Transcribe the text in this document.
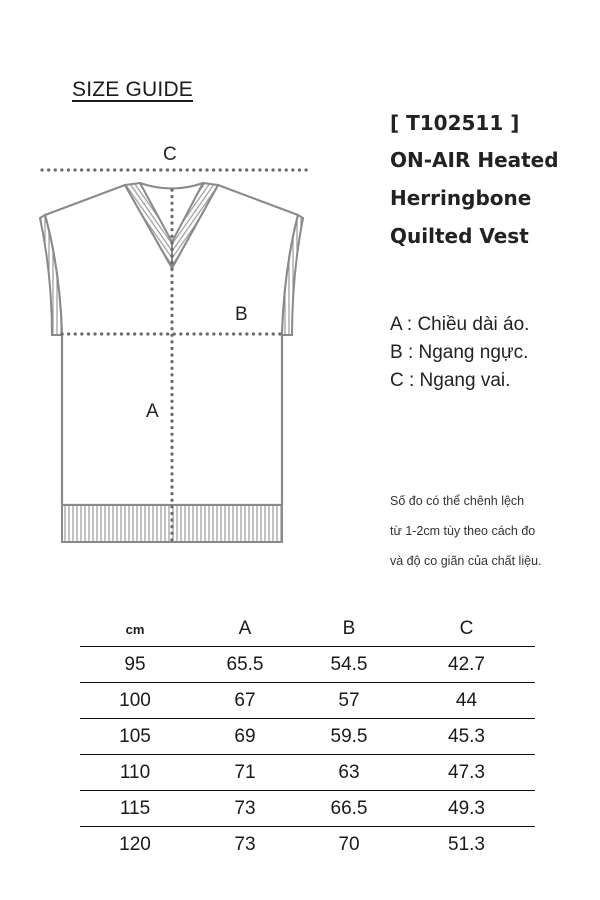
SIZE GUIDE
[ T102511 ]
ON-AIR Heated
Herringbone
Quilted Vest
C
B
A
A : Chiều dài áo.
B : Ngang ngực.
C : Ngang vai.
Số đo có thể chênh lệch
từ 1-2cm tùy theo cách đo
và độ co giãn của chất liệu.
cm	A	B	C
95	65.5	54.5	42.7
100	67	57	44
105	69	59.5	45.3
110	71	63	47.3
115	73	66.5	49.3
120	73	70	51.3
